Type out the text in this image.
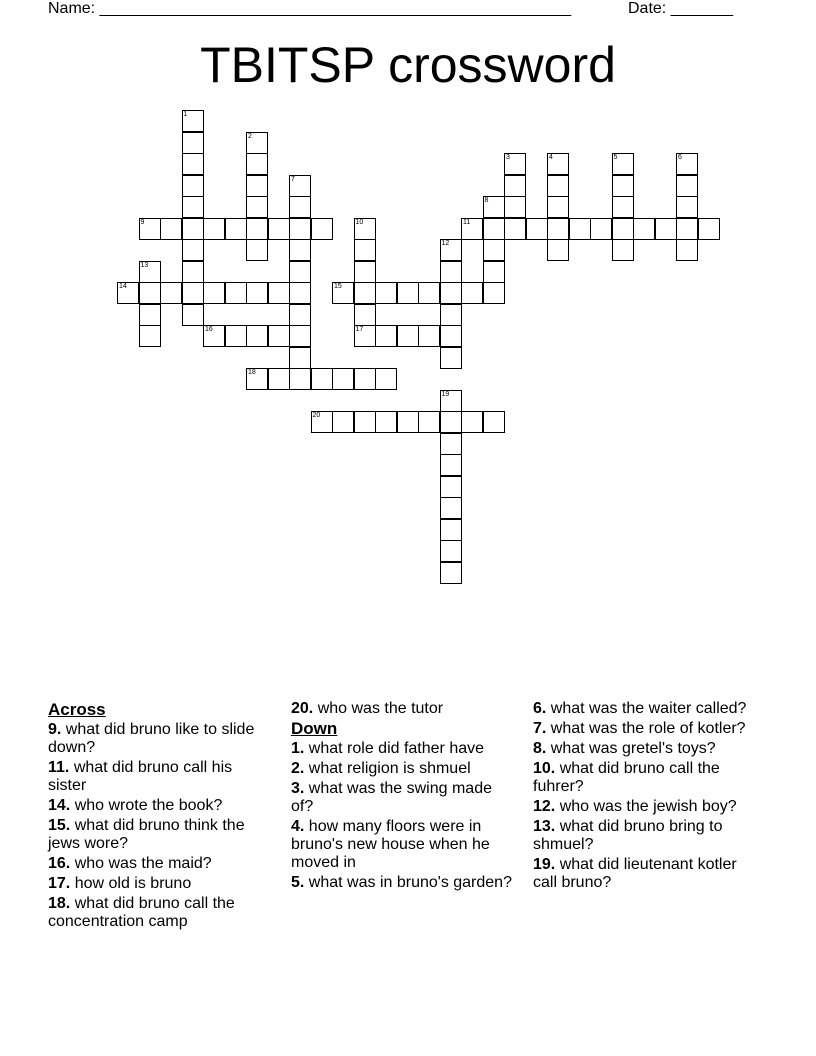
Name: _____________________________________________________	Date: _______
TBITSP crossword
1
2
3	4	5	6
7
8
9	10	11
12
13
14	15
16	17
18
19
20
Across
9. what did bruno like to slide down?
11. what did bruno call his sister
14. who wrote the book?
15. what did bruno think the jews wore?
16. who was the maid?
17. how old is bruno
18. what did bruno call the concentration camp
20. who was the tutor
Down
1. what role did father have
2. what religion is shmuel
3. what was the swing made of?
4. how many floors were in bruno's new house when he moved in
5. what was in bruno's garden?
6. what was the waiter called?
7. what was the role of kotler?
8. what was gretel's toys?
10. what did bruno call the fuhrer?
12. who was the jewish boy?
13. what did bruno bring to shmuel?
19. what did lieutenant kotler call bruno?
